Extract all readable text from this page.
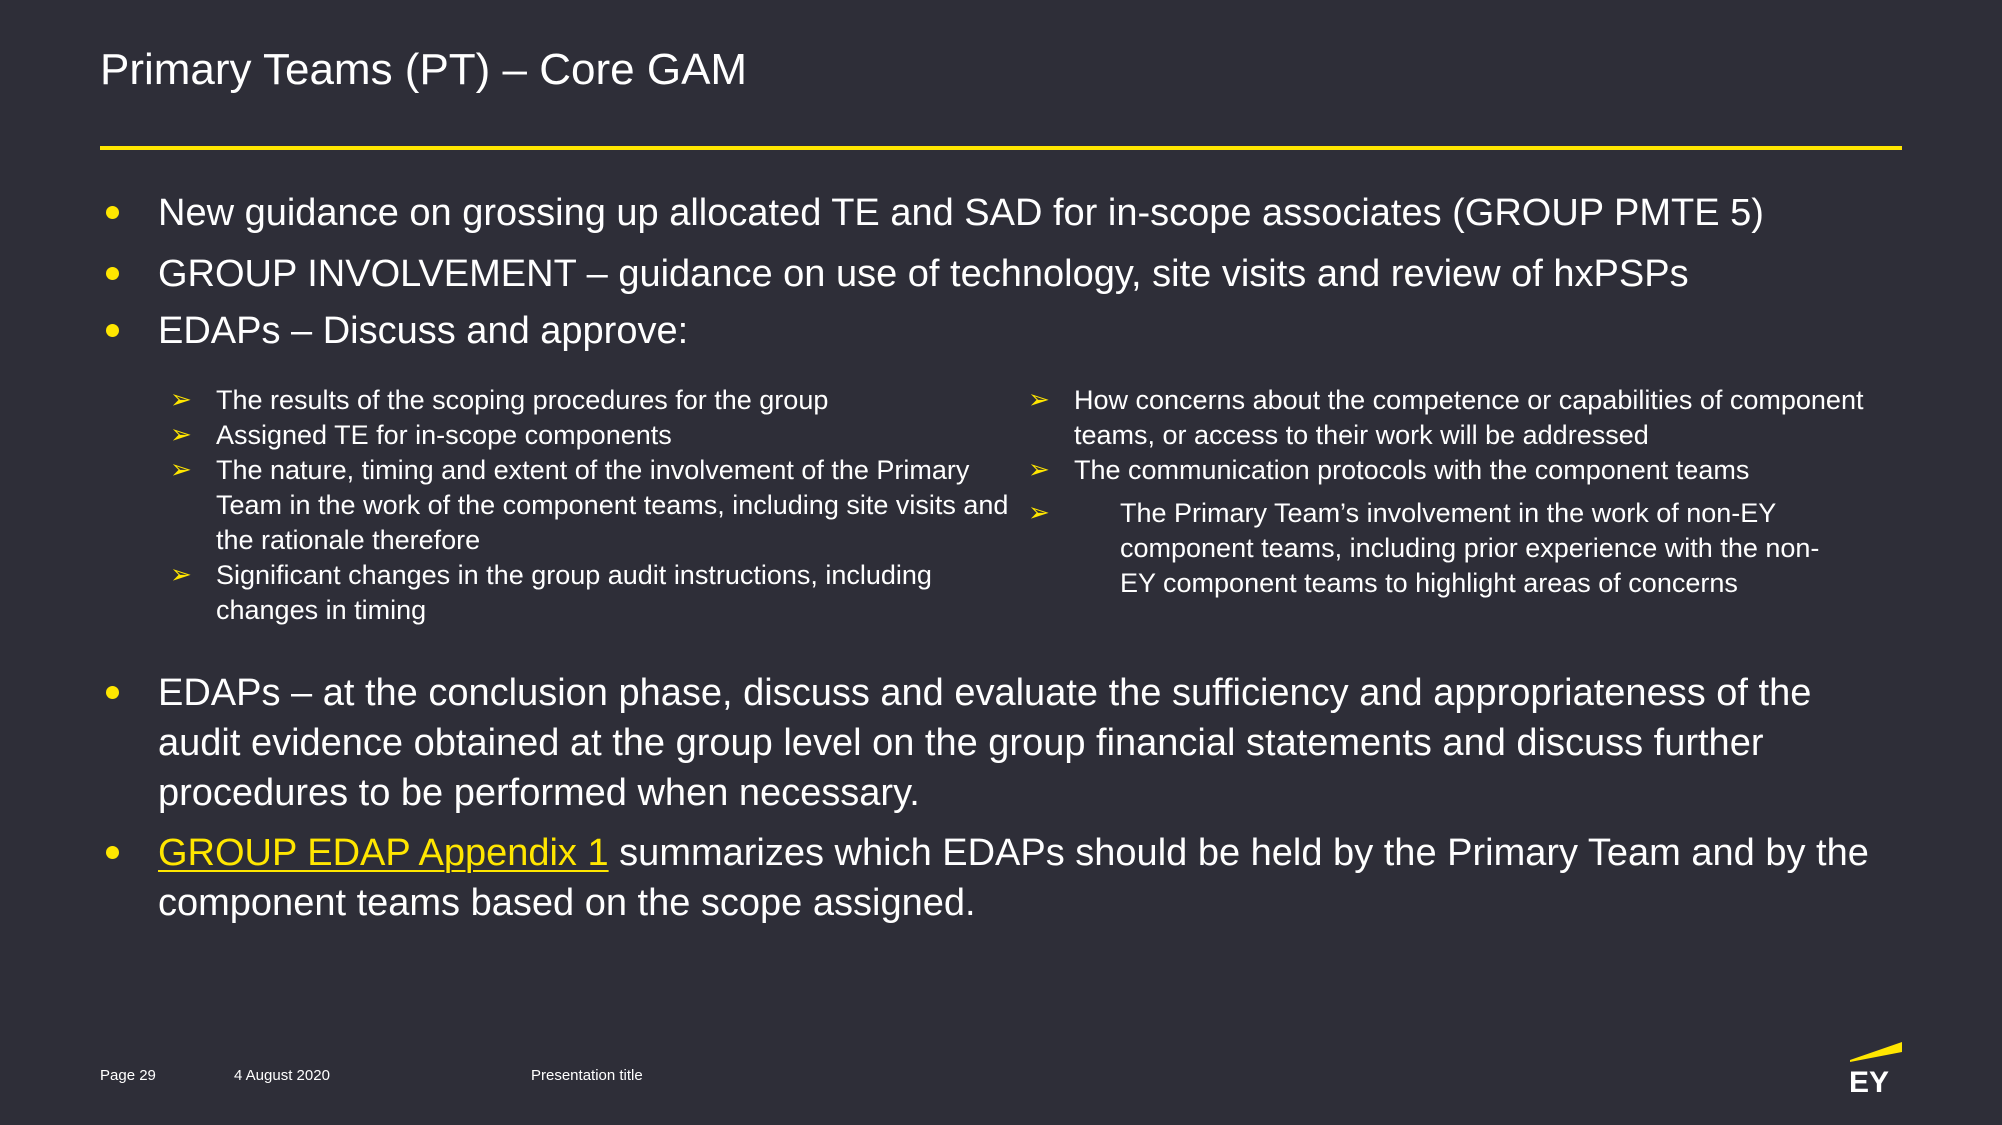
Primary Teams (PT) – Core GAM
New guidance on grossing up allocated TE and SAD for in-scope associates (GROUP PMTE 5)
GROUP INVOLVEMENT – guidance on use of technology, site visits and review of hxPSPs
EDAPs – Discuss and approve:
➢ The results of the scoping procedures for the group
➢ Assigned TE for in-scope components
➢ The nature, timing and extent of the involvement of the Primary Team in the work of the component teams, including site visits and the rationale therefore
➢ Significant changes in the group audit instructions, including changes in timing
➢ How concerns about the competence or capabilities of component teams, or access to their work will be addressed
➢ The communication protocols with the component teams
➢	The Primary Team’s involvement in the work of non-EY component teams, including prior experience with the non-EY component teams to highlight areas of concerns
EDAPs – at the conclusion phase, discuss and evaluate the sufficiency and appropriateness of the audit evidence obtained at the group level on the group financial statements and discuss further procedures to be performed when necessary.
GROUP EDAP Appendix 1 summarizes which EDAPs should be held by the Primary Team and by the component teams based on the scope assigned.
Page 29	4 August 2020	Presentation title	EY
